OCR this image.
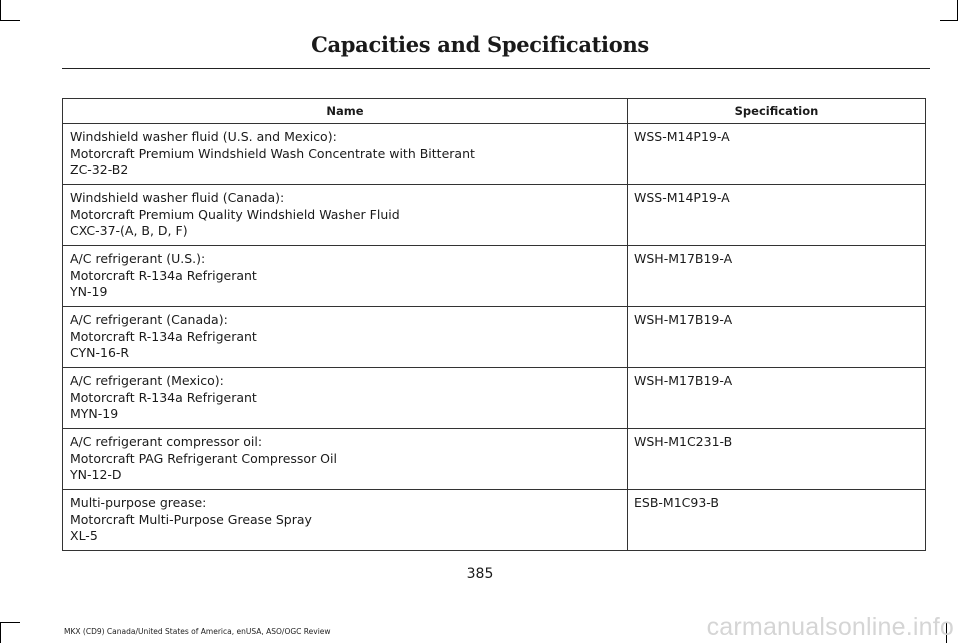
Capacities and Specifications
Name	Specification

Windshield washer fluid (U.S. and Mexico):
Motorcraft Premium Windshield Wash Concentrate with Bitterant
ZC-32-B2	WSS-M14P19-A

Windshield washer fluid (Canada):
Motorcraft Premium Quality Windshield Washer Fluid
CXC-37-(A, B, D, F)	WSS-M14P19-A

A/C refrigerant (U.S.):
Motorcraft R-134a Refrigerant
YN-19	WSH-M17B19-A

A/C refrigerant (Canada):
Motorcraft R-134a Refrigerant
CYN-16-R	WSH-M17B19-A

A/C refrigerant (Mexico):
Motorcraft R-134a Refrigerant
MYN-19	WSH-M17B19-A

A/C refrigerant compressor oil:
Motorcraft PAG Refrigerant Compressor Oil
YN-12-D	WSH-M1C231-B

Multi-purpose grease:
Motorcraft Multi-Purpose Grease Spray
XL-5	ESB-M1C93-B
385
MKX (CD9) Canada/United States of America, enUSA, ASO/OGC Review	carmanualsonline.info
